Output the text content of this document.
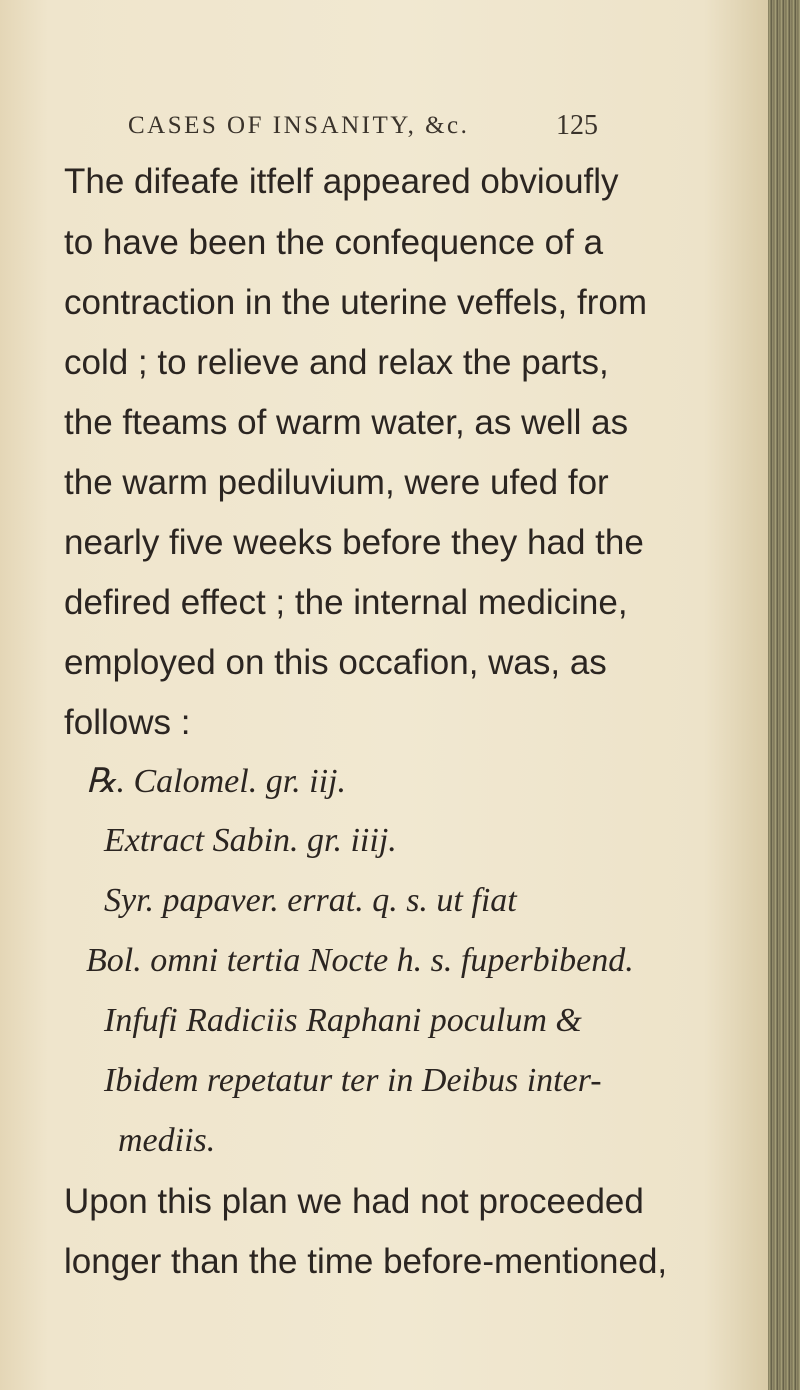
CASES OF INSANITY, &c.	125
The difeafe itfelf appeared obvioufly
to have been the confequence of a
contraction in the uterine veffels, from
cold ; to relieve and relax the parts,
the fteams of warm water, as well as
the warm pediluvium, were ufed for
nearly five weeks before they had the
defired effect ; the internal medicine,
employed on this occafion, was, as
follows :
℞. Calomel. gr. iij.
Extract Sabin. gr. iiij.
Syr. papaver. errat. q. s. ut fiat
Bol. omni tertia Nocte h. s. fuperbibend.
Infufi Radiciis Raphani poculum &
Ibidem repetatur ter in Deibus inter-
mediis.
Upon this plan we had not proceeded
longer than the time before-mentioned,
